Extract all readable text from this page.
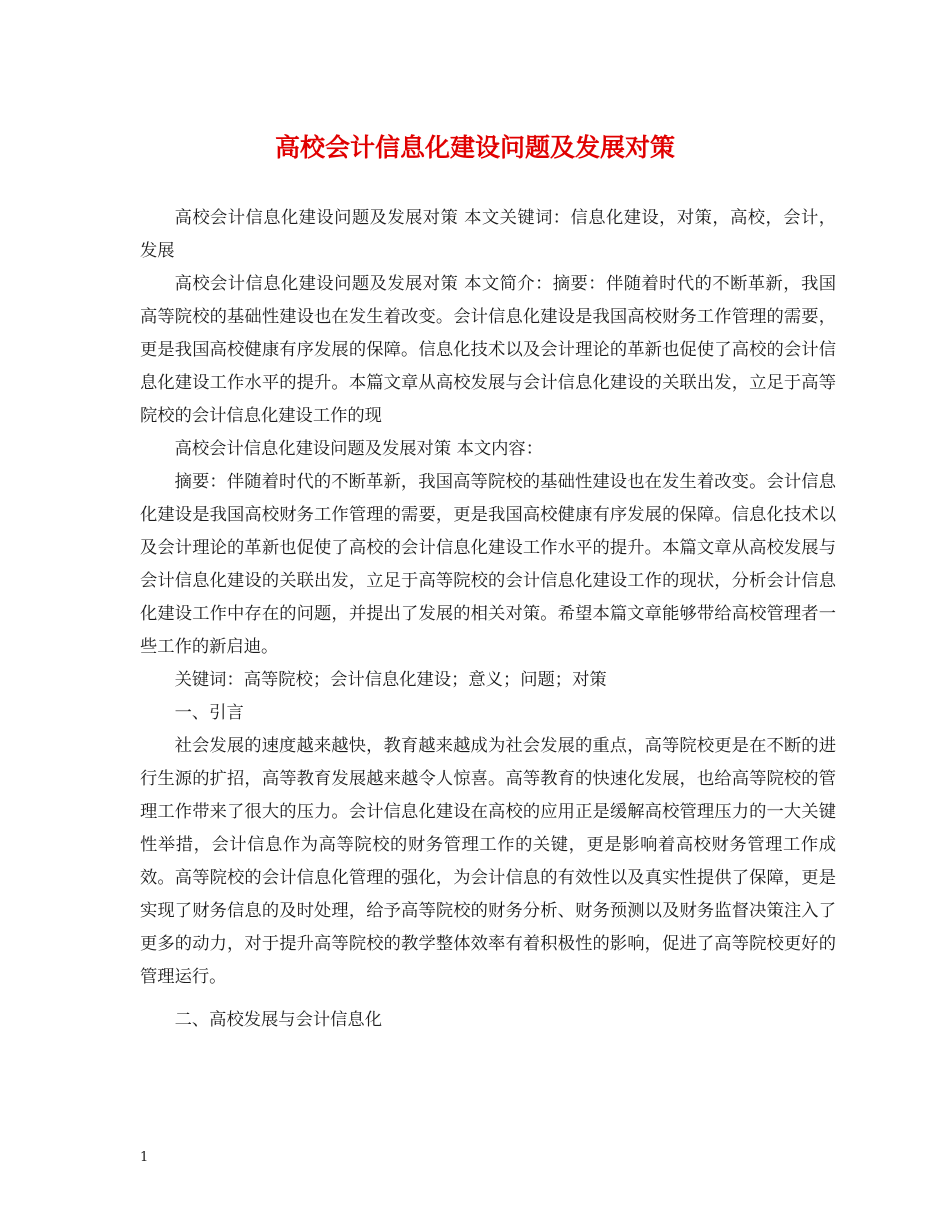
高校会计信息化建设问题及发展对策

高校会计信息化建设问题及发展对策 本文关键词：信息化建设，对策，高校，会计，发展

高校会计信息化建设问题及发展对策 本文简介：摘要：伴随着时代的不断革新，我国高等院校的基础性建设也在发生着改变。会计信息化建设是我国高校财务工作管理的需要，更是我国高校健康有序发展的保障。信息化技术以及会计理论的革新也促使了高校的会计信息化建设工作水平的提升。本篇文章从高校发展与会计信息化建设的关联出发，立足于高等院校的会计信息化建设工作的现

高校会计信息化建设问题及发展对策 本文内容：

摘要：伴随着时代的不断革新，我国高等院校的基础性建设也在发生着改变。会计信息化建设是我国高校财务工作管理的需要，更是我国高校健康有序发展的保障。信息化技术以及会计理论的革新也促使了高校的会计信息化建设工作水平的提升。本篇文章从高校发展与会计信息化建设的关联出发，立足于高等院校的会计信息化建设工作的现状，分析会计信息化建设工作中存在的问题，并提出了发展的相关对策。希望本篇文章能够带给高校管理者一些工作的新启迪。

关键词：高等院校；会计信息化建设；意义；问题；对策

一、引言

社会发展的速度越来越快，教育越来越成为社会发展的重点，高等院校更是在不断的进行生源的扩招，高等教育发展越来越令人惊喜。高等教育的快速化发展，也给高等院校的管理工作带来了很大的压力。会计信息化建设在高校的应用正是缓解高校管理压力的一大关键性举措，会计信息作为高等院校的财务管理工作的关键，更是影响着高校财务管理工作成效。高等院校的会计信息化管理的强化，为会计信息的有效性以及真实性提供了保障，更是实现了财务信息的及时处理，给予高等院校的财务分析、财务预测以及财务监督决策注入了更多的动力，对于提升高等院校的教学整体效率有着积极性的影响，促进了高等院校更好的管理运行。

二、高校发展与会计信息化

1
